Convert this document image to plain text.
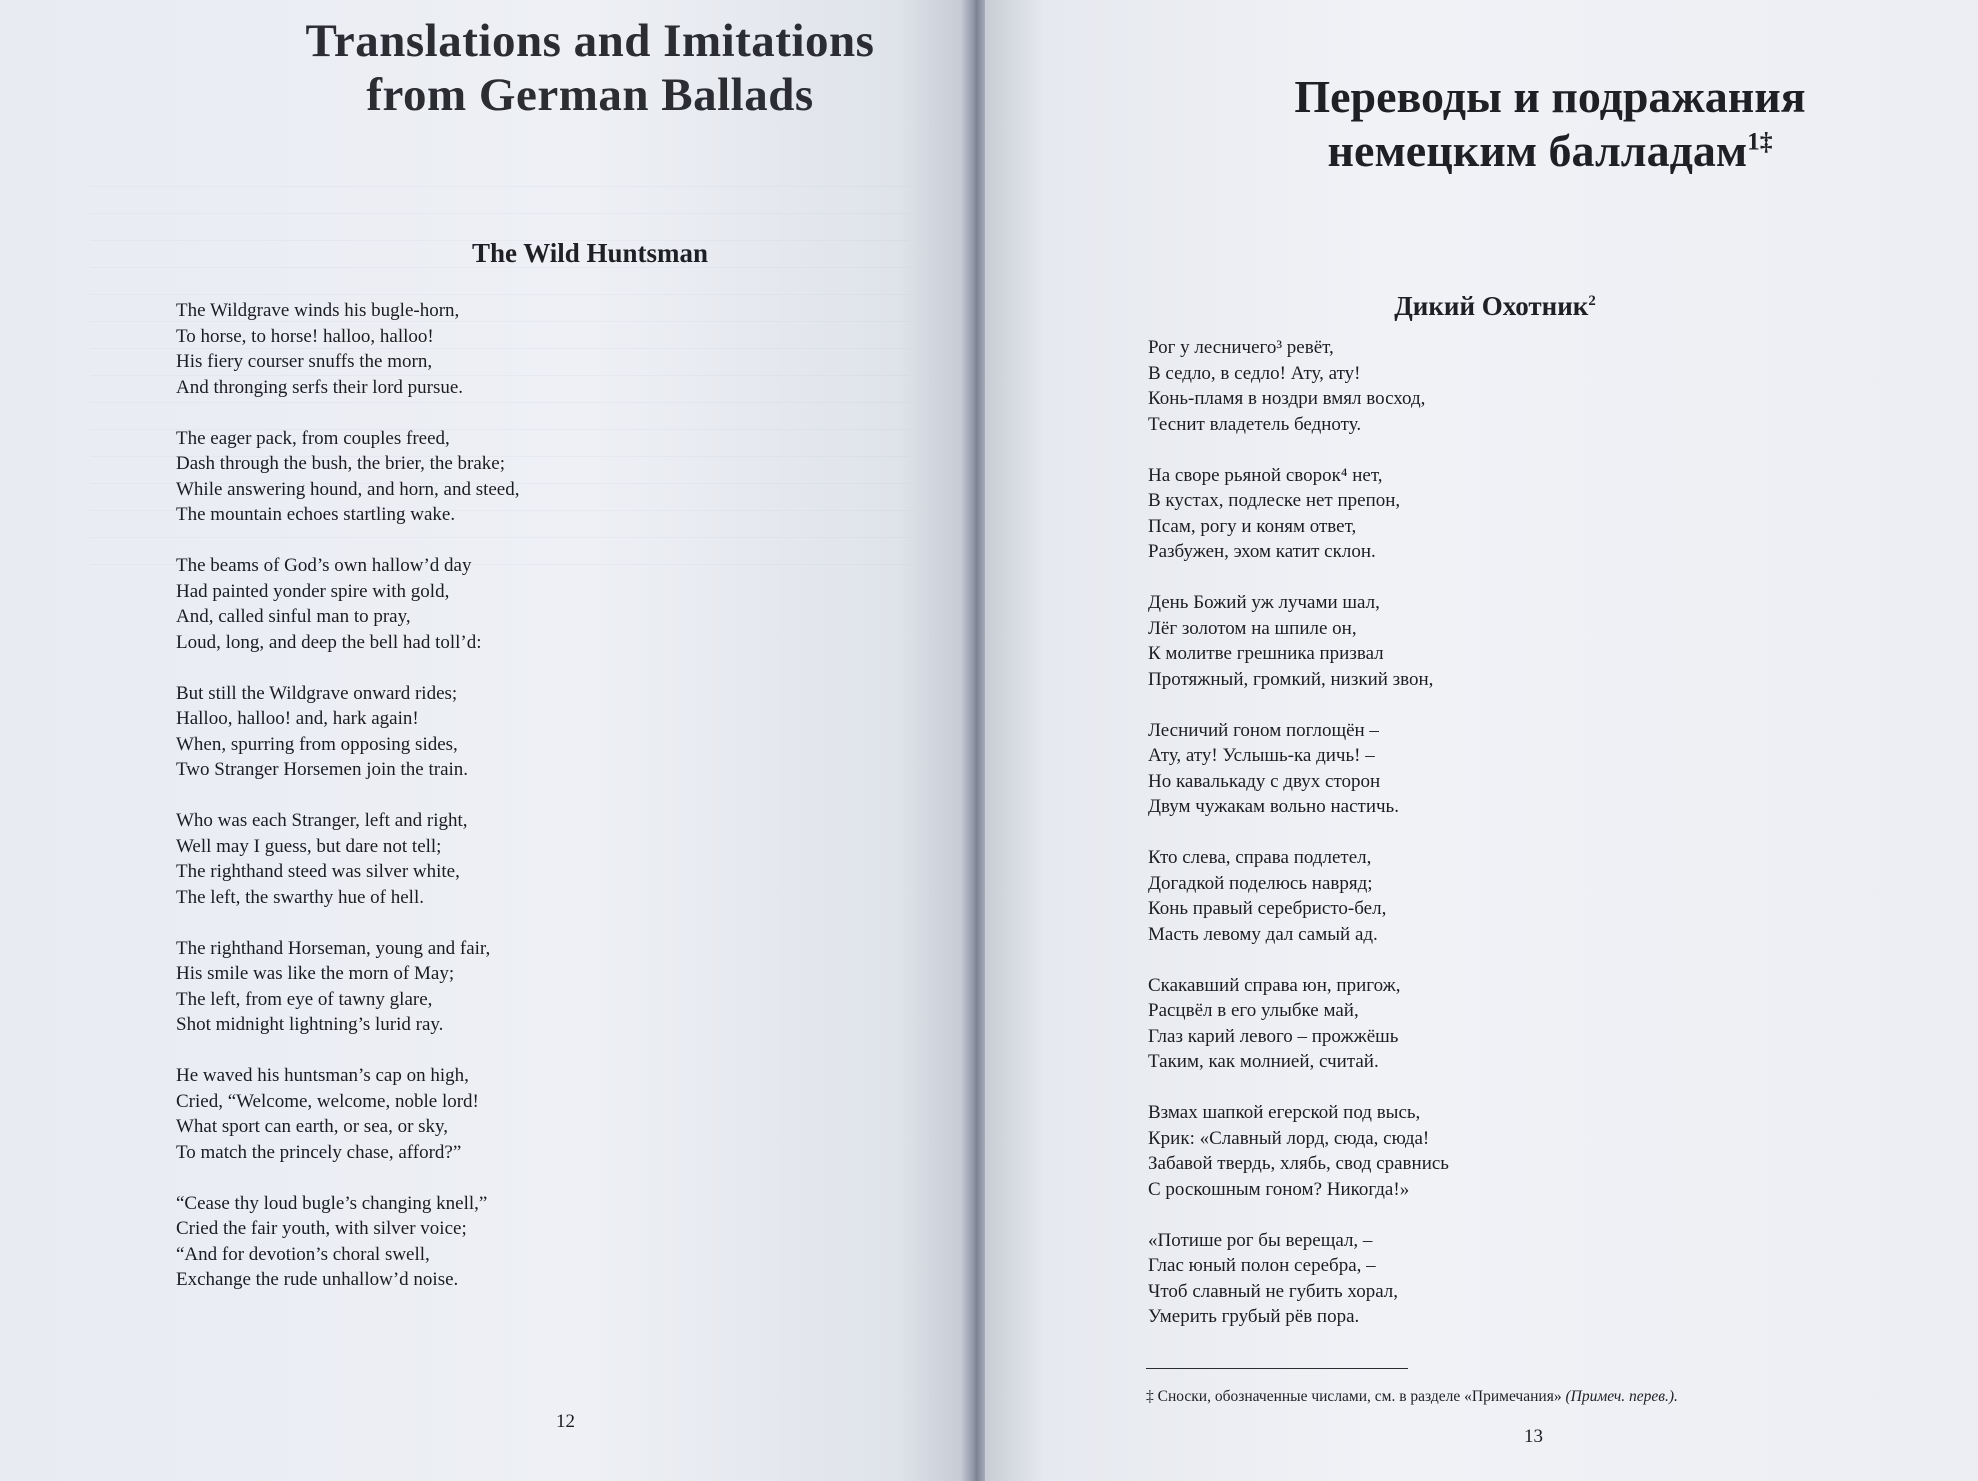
Translations and Imitations
from German Ballads
The Wild Huntsman
The Wildgrave winds his bugle-horn,
To horse, to horse! halloo, halloo!
His fiery courser snuffs the morn,
And thronging serfs their lord pursue.
The eager pack, from couples freed,
Dash through the bush, the brier, the brake;
While answering hound, and horn, and steed,
The mountain echoes startling wake.
The beams of God’s own hallow’d day
Had painted yonder spire with gold,
And, called sinful man to pray,
Loud, long, and deep the bell had toll’d:
But still the Wildgrave onward rides;
Halloo, halloo! and, hark again!
When, spurring from opposing sides,
Two Stranger Horsemen join the train.
Who was each Stranger, left and right,
Well may I guess, but dare not tell;
The righthand steed was silver white,
The left, the swarthy hue of hell.
The righthand Horseman, young and fair,
His smile was like the morn of May;
The left, from eye of tawny glare,
Shot midnight lightning’s lurid ray.
He waved his huntsman’s cap on high,
Cried, “Welcome, welcome, noble lord!
What sport can earth, or sea, or sky,
To match the princely chase, afford?”
“Cease thy loud bugle’s changing knell,”
Cried the fair youth, with silver voice;
“And for devotion’s choral swell,
Exchange the rude unhallow’d noise.
12
Переводы и подражания
немецким балладам$^{1\ddagger}$
Дикий Охотник$^2$
Рог у лесничего³ ревёт,
В седло, в седло! Ату, ату!
Конь-пламя в ноздри вмял восход,
Теснит владетель бедноту.
На своре рьяной сворок⁴ нет,
В кустах, подлеске нет препон,
Псам, рогу и коням ответ,
Разбужен, эхом катит склон.
День Божий уж лучами шал,
Лёг золотом на шпиле он,
К молитве грешника призвал
Протяжный, громкий, низкий звон,
Лесничий гоном поглощён –
Ату, ату! Услышь-ка дичь! –
Но кавалькаду с двух сторон
Двум чужакам вольно настичь.
Кто слева, справа подлетел,
Догадкой поделюсь навряд;
Конь правый серебристо-бел,
Масть левому дал самый ад.
Скакавший справа юн, пригож,
Расцвёл в его улыбке май,
Глаз карий левого – прожжёшь
Таким, как молнией, считай.
Взмах шапкой егерской под высь,
Крик: «Славный лорд, сюда, сюда!
Забавой твердь, хлябь, свод сравнись
С роскошным гоном? Никогда!»
«Потише рог бы верещал, –
Глас юный полон серебра, –
Чтоб славный не губить хорал,
Умерить грубый рёв пора.
‡ Сноски, обозначенные числами, см. в разделе «Примечания» (Примеч. перев.).
13
